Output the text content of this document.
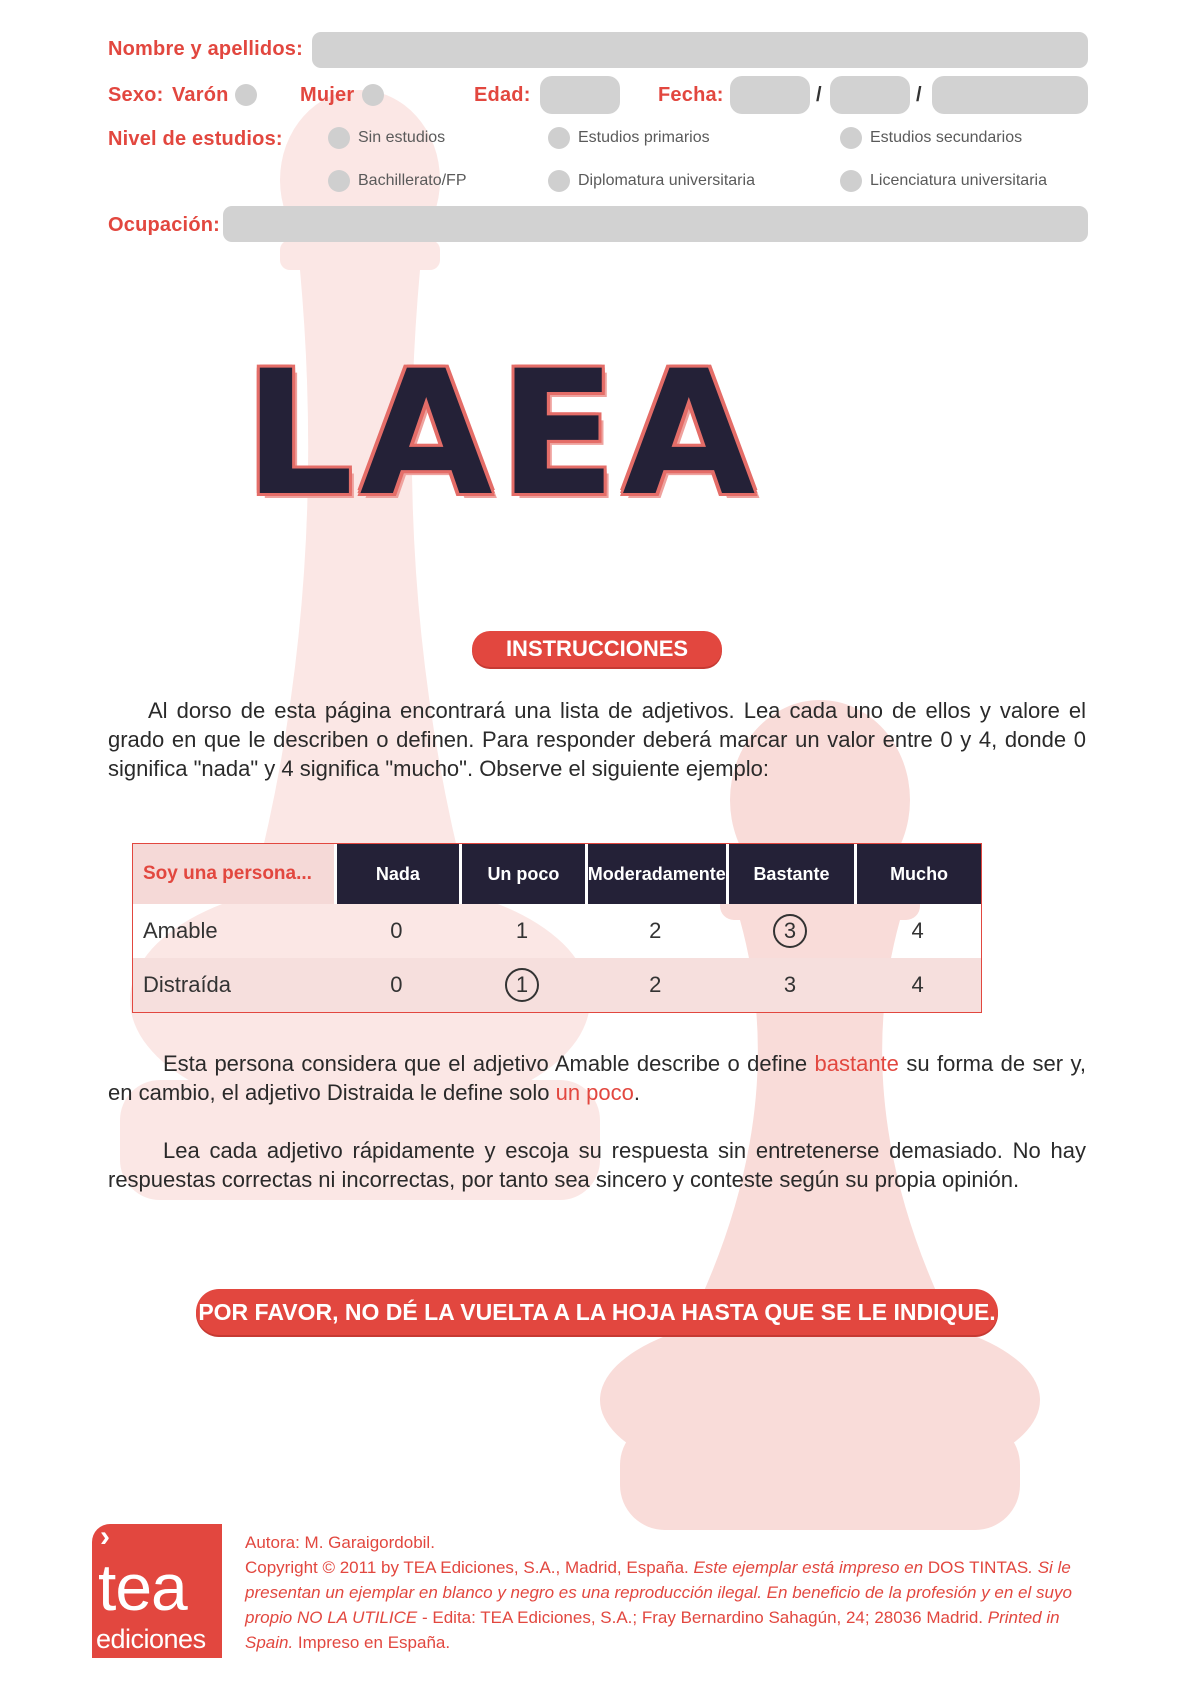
Nombre y apellidos:
Sexo: Varón	Mujer	Edad:	Fecha:	/	/
Nivel de estudios:	Sin estudios	Estudios primarios	Estudios secundarios
Bachillerato/FP	Diplomatura universitaria	Licenciatura universitaria
Ocupación:
LAEA
INSTRUCCIONES
Al dorso de esta página encontrará una lista de adjetivos. Lea cada uno de ellos y valore el grado en que le describen o definen. Para responder deberá marcar un valor entre 0 y 4, donde 0 significa "nada" y 4 significa "mucho". Observe el siguiente ejemplo:
Soy una persona...	Nada	Un poco	Moderadamente	Bastante	Mucho
Amable	0	1	2	3	4
Distraída	0	1	2	3	4
Esta persona considera que el adjetivo Amable describe o define bastante su forma de ser y, en cambio, el adjetivo Distraida le define solo un poco.
Lea cada adjetivo rápidamente y escoja su respuesta sin entretenerse demasiado. No hay respuestas correctas ni incorrectas, por tanto sea sincero y conteste según su propia opinión.
POR FAVOR, NO DÉ LA VUELTA A LA HOJA HASTA QUE SE LE INDIQUE.
›
tea
ediciones
Autora: M. Garaigordobil.
Copyright © 2011 by TEA Ediciones, S.A., Madrid, España. Este ejemplar está impreso en DOS TINTAS. Si le presentan un ejemplar en blanco y negro es una reproducción ilegal. En beneficio de la profesión y en el suyo propio NO LA UTILICE - Edita: TEA Ediciones, S.A.; Fray Bernardino Sahagún, 24; 28036 Madrid. Printed in Spain. Impreso en España.
